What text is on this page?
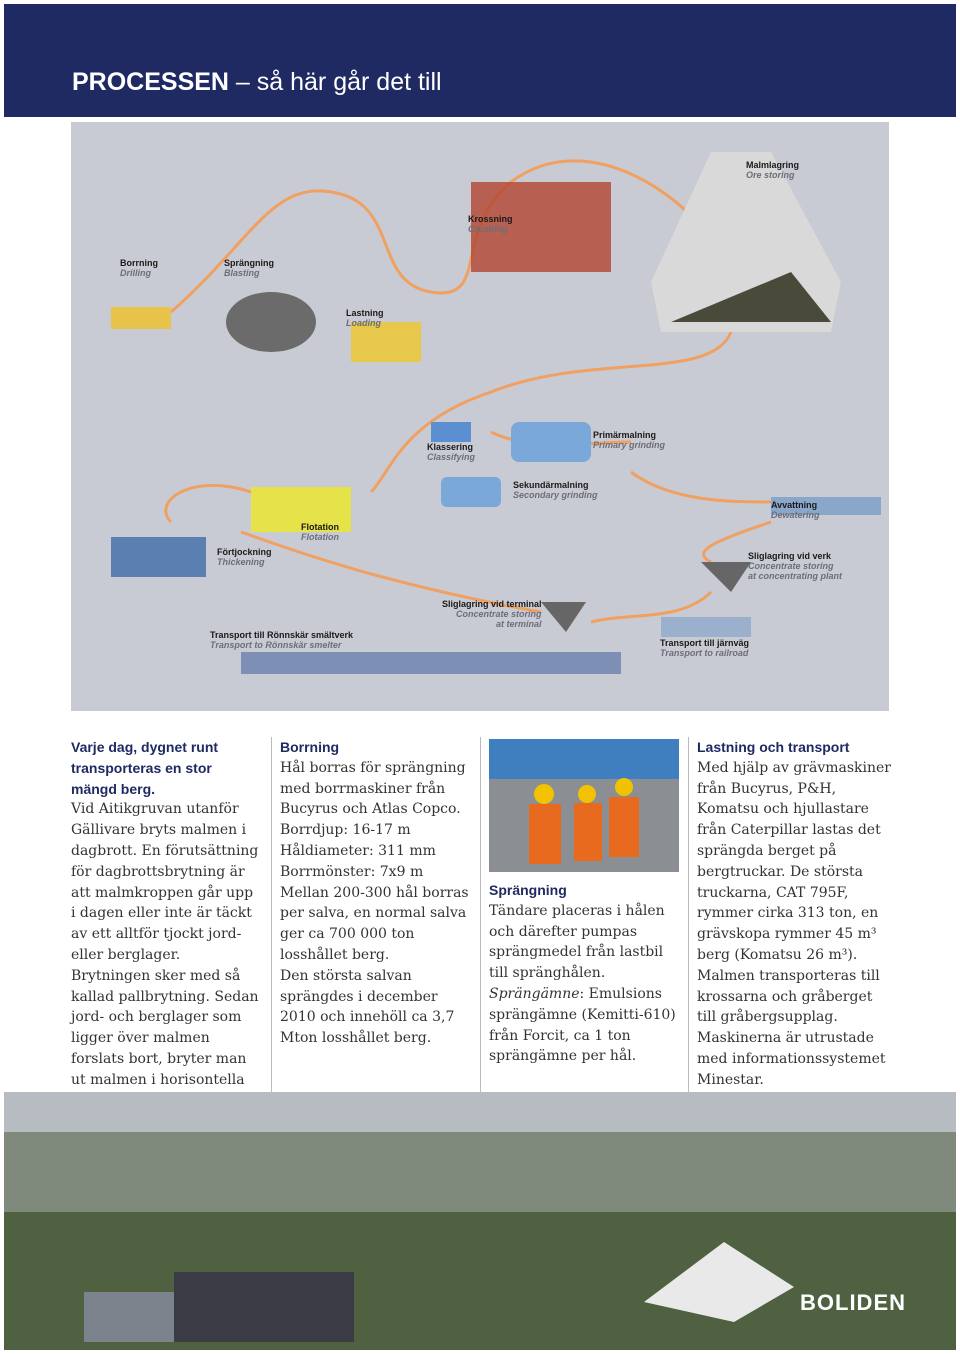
PROCESSEN – så här går det till
Borrning
Drilling
Sprängning
Blasting
Krossning
Crushing
Malmlagring
Ore storing
Lastning
Loading
Klassering
Classifying
Primärmalning
Primary grinding
Sekundärmalning
Secondary grinding
Avvattning
Dewatering
Flotation
Flotation
Förtjockning
Thickening
Sliglagring vid verk
Concentrate storing
at concentrating plant
Sliglagring vid terminal
Concentrate storing
at terminal
Transport till Rönnskär smältverk
Transport to Rönnskär smelter	Transport till järnväg
Transport to railroad
Varje dag, dygnet runt transporteras en stor mängd berg.
Vid Aitikgruvan utanför Gällivare bryts malmen i dagbrott. En förutsättning för dagbrottsbrytning är att malmkroppen går upp i dagen eller inte är täckt av ett alltför tjockt jord- eller berglager. Brytningen sker med så kallad pallbrytning. Sedan jord- och berglager som ligger över malmen forslats bort, bryter man ut malmen i horisontella
Borrning
Hål borras för sprängning med borrmaskiner från Bucyrus och Atlas Copco.
Borrdjup: 16-17 m
Håldiameter: 311 mm
Borrmönster: 7x9 m
Mellan 200-300 hål borras per salva, en normal salva ger ca 700 000 ton losshållet berg.
Den största salvan sprängdes i december 2010 och innehöll ca 3,7 Mton losshållet berg.
Sprängning
Tändare placeras i hålen och därefter pumpas sprängmedel från lastbil till spränghålen.
Sprängämne: Emulsions sprängämne (Kemitti-610) från Forcit, ca 1 ton sprängämne per hål.
Lastning och transport
Med hjälp av grävmaskiner från Bucyrus, P&H, Komatsu och hjullastare från Caterpillar lastas det sprängda berget på bergtruckar. De största truckarna, CAT 795F, rymmer cirka 313 ton, en grävskopa rymmer 45 m³ berg (Komatsu 26 m³).
Malmen transporteras till krossarna och gråberget till gråbergsupplag.
Maskinerna är utrustade med informationssystemet Minestar.
BOLIDEN
